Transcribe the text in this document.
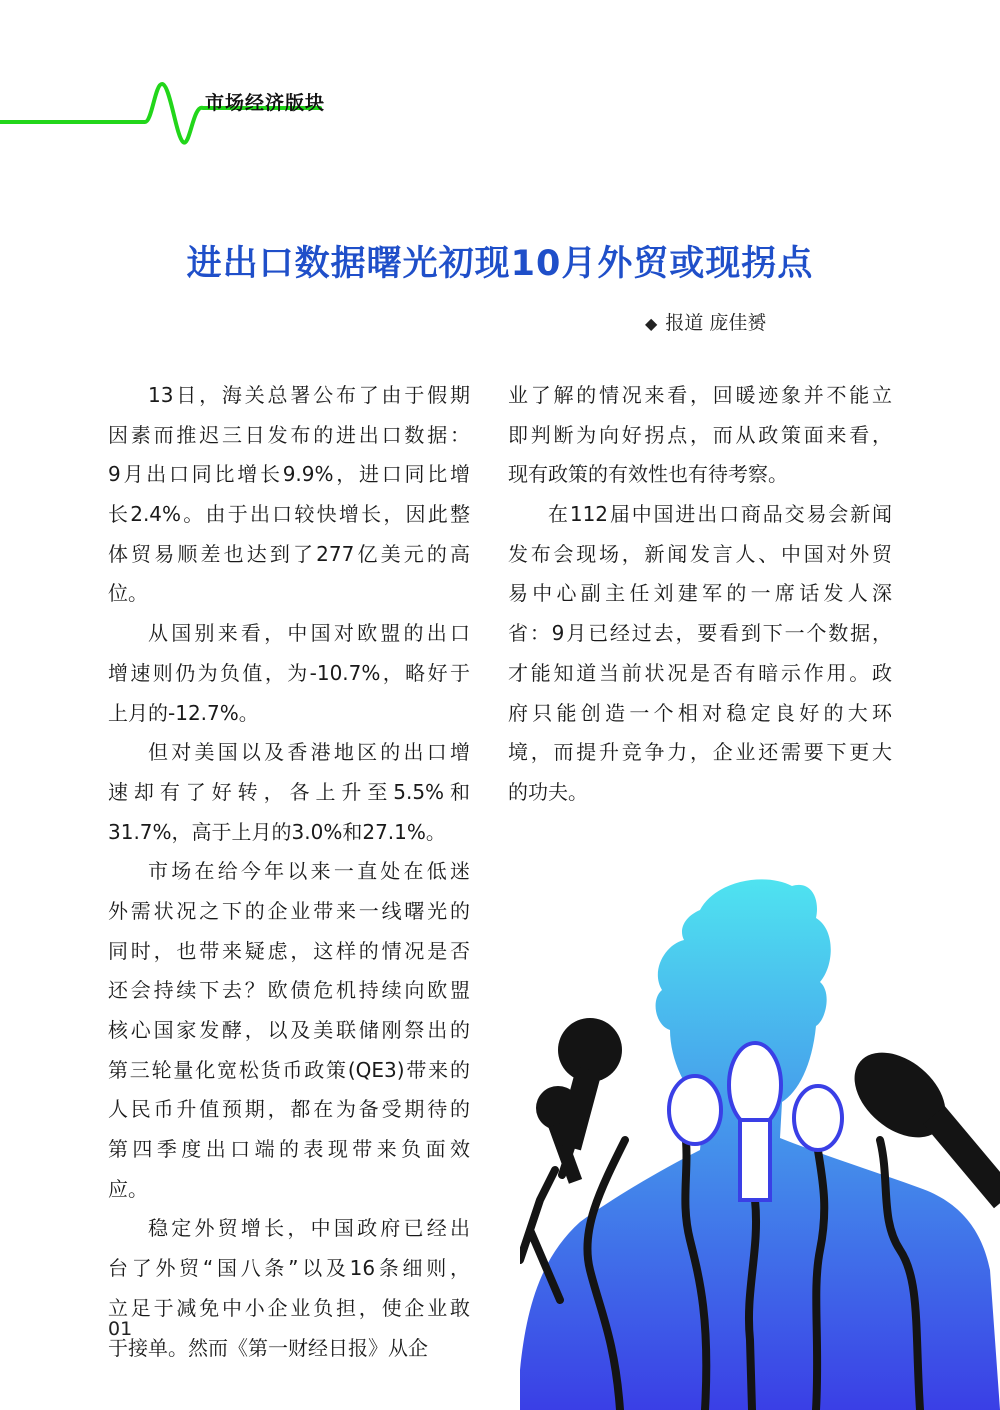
市场经济版块
进出口数据曙光初现10月外贸或现拐点
◆ 报道 庞佳赟
13日，海关总署公布了由于假期
因素而推迟三日发布的进出口数据：
9月出口同比增长9.9%，进口同比增
长2.4%。由于出口较快增长，因此整
体贸易顺差也达到了277亿美元的高
位。
从国别来看，中国对欧盟的出口
增速则仍为负值，为-10.7%，略好于
上月的-12.7%。
但对美国以及香港地区的出口增
速却有了好转，各上升至5.5%和
31.7%，高于上月的3.0%和27.1%。
市场在给今年以来一直处在低迷
外需状况之下的企业带来一线曙光的
同时，也带来疑虑，这样的情况是否
还会持续下去？欧债危机持续向欧盟
核心国家发酵，以及美联储刚祭出的
第三轮量化宽松货币政策(QE3)带来的
人民币升值预期，都在为备受期待的
第四季度出口端的表现带来负面效
应。
稳定外贸增长，中国政府已经出
台了外贸“国八条”以及16条细则，
立足于减免中小企业负担，使企业敢
于接单。然而《第一财经日报》从企
业了解的情况来看，回暖迹象并不能立
即判断为向好拐点，而从政策面来看，
现有政策的有效性也有待考察。
在112届中国进出口商品交易会新闻
发布会现场，新闻发言人、中国对外贸
易中心副主任刘建军的一席话发人深
省：9月已经过去，要看到下一个数据，
才能知道当前状况是否有暗示作用。政
府只能创造一个相对稳定良好的大环
境，而提升竞争力，企业还需要下更大
的功夫。
01
